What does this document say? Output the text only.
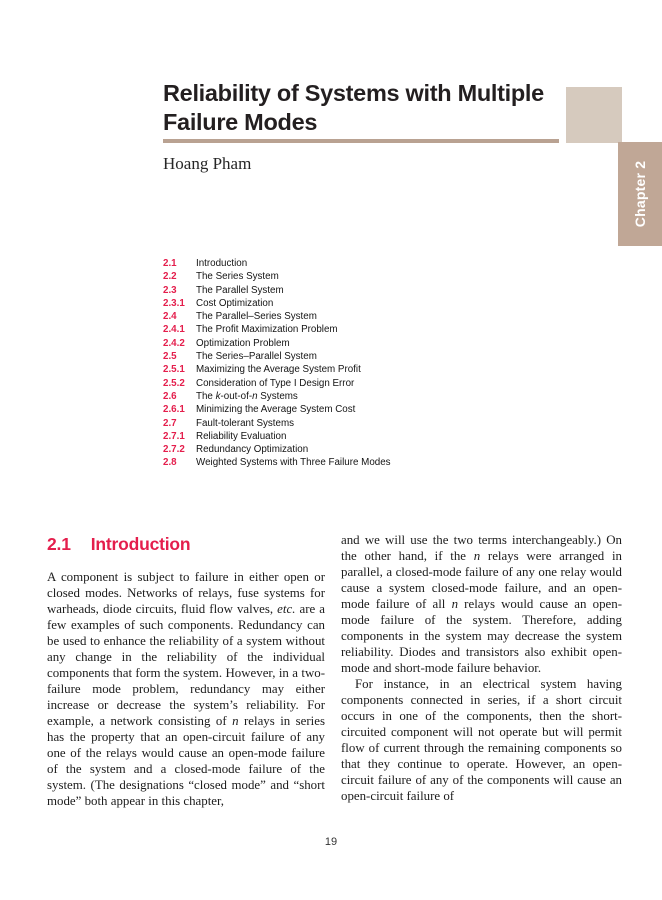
Reliability of Systems with Multiple
Failure Modes
Chapter 2
Hoang Pham
2.1	Introduction
2.2	The Series System
2.3	The Parallel System
2.3.1	Cost Optimization
2.4	The Parallel–Series System
2.4.1	The Profit Maximization Problem
2.4.2	Optimization Problem
2.5	The Series–Parallel System
2.5.1	Maximizing the Average System Profit
2.5.2	Consideration of Type I Design Error
2.6	The k-out-of-n Systems
2.6.1	Minimizing the Average System Cost
2.7	Fault-tolerant Systems
2.7.1	Reliability Evaluation
2.7.2	Redundancy Optimization
2.8	Weighted Systems with Three Failure Modes
2.1 Introduction

A component is subject to failure in either open or closed modes. Networks of relays, fuse systems for warheads, diode circuits, fluid flow valves, etc. are a few examples of such components. Redundancy can be used to enhance the reliability of a system without any change in the reliability of the individual components that form the system. However, in a two-failure mode problem, redundancy may either increase or decrease the system’s reliability. For example, a network consisting of n relays in series has the property that an open-circuit failure of any one of the relays would cause an open-mode failure of the system and a closed-mode failure of the system. (The designations “closed mode” and “short mode” both appear in this chapter,

and we will use the two terms interchangeably.) On the other hand, if the n relays were arranged in parallel, a closed-mode failure of any one relay would cause a system closed-mode failure, and an open-mode failure of all n relays would cause an open-mode failure of the system. Therefore, adding components in the system may decrease the system reliability. Diodes and transistors also exhibit open-mode and short-mode failure behavior.

For instance, in an electrical system having components connected in series, if a short circuit occurs in one of the components, then the short-circuited component will not operate but will permit flow of current through the remaining components so that they continue to operate. However, an open-circuit failure of any of the components will cause an open-circuit failure of

19
